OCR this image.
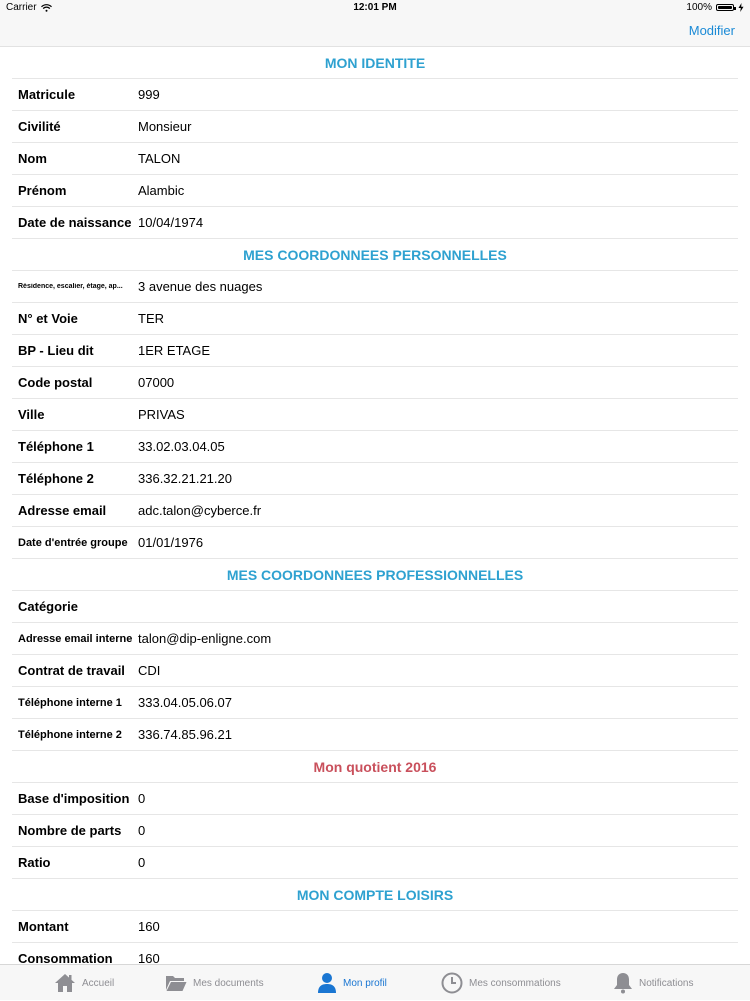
Carrier	12:01 PM	100%
Modifier
MON IDENTITE
Matricule	999
Civilité	Monsieur
Nom	TALON
Prénom	Alambic
Date de naissance 10/04/1974
MES COORDONNEES PERSONNELLES
Résidence, escalier, étage, ap...	3 avenue des nuages
N° et Voie	TER
BP - Lieu dit	1ER ETAGE
Code postal	07000
Ville	PRIVAS
Téléphone 1	33.02.03.04.05
Téléphone 2	336.32.21.21.20
Adresse email	adc.talon@cyberce.fr
Date d'entrée groupe 01/01/1976
MES COORDONNEES PROFESSIONNELLES
Catégorie
Adresse email interne talon@dip-enligne.com
Contrat de travail	CDI
Téléphone interne 1	333.04.05.06.07
Téléphone interne 2	336.74.85.96.21
Mon quotient 2016
Base d'imposition 0
Nombre de parts	0
Ratio	0
MON COMPTE LOISIRS
Montant	160
Consommation	160
Accueil	Mes documents	Mon profil	Mes consommations	Notifications
